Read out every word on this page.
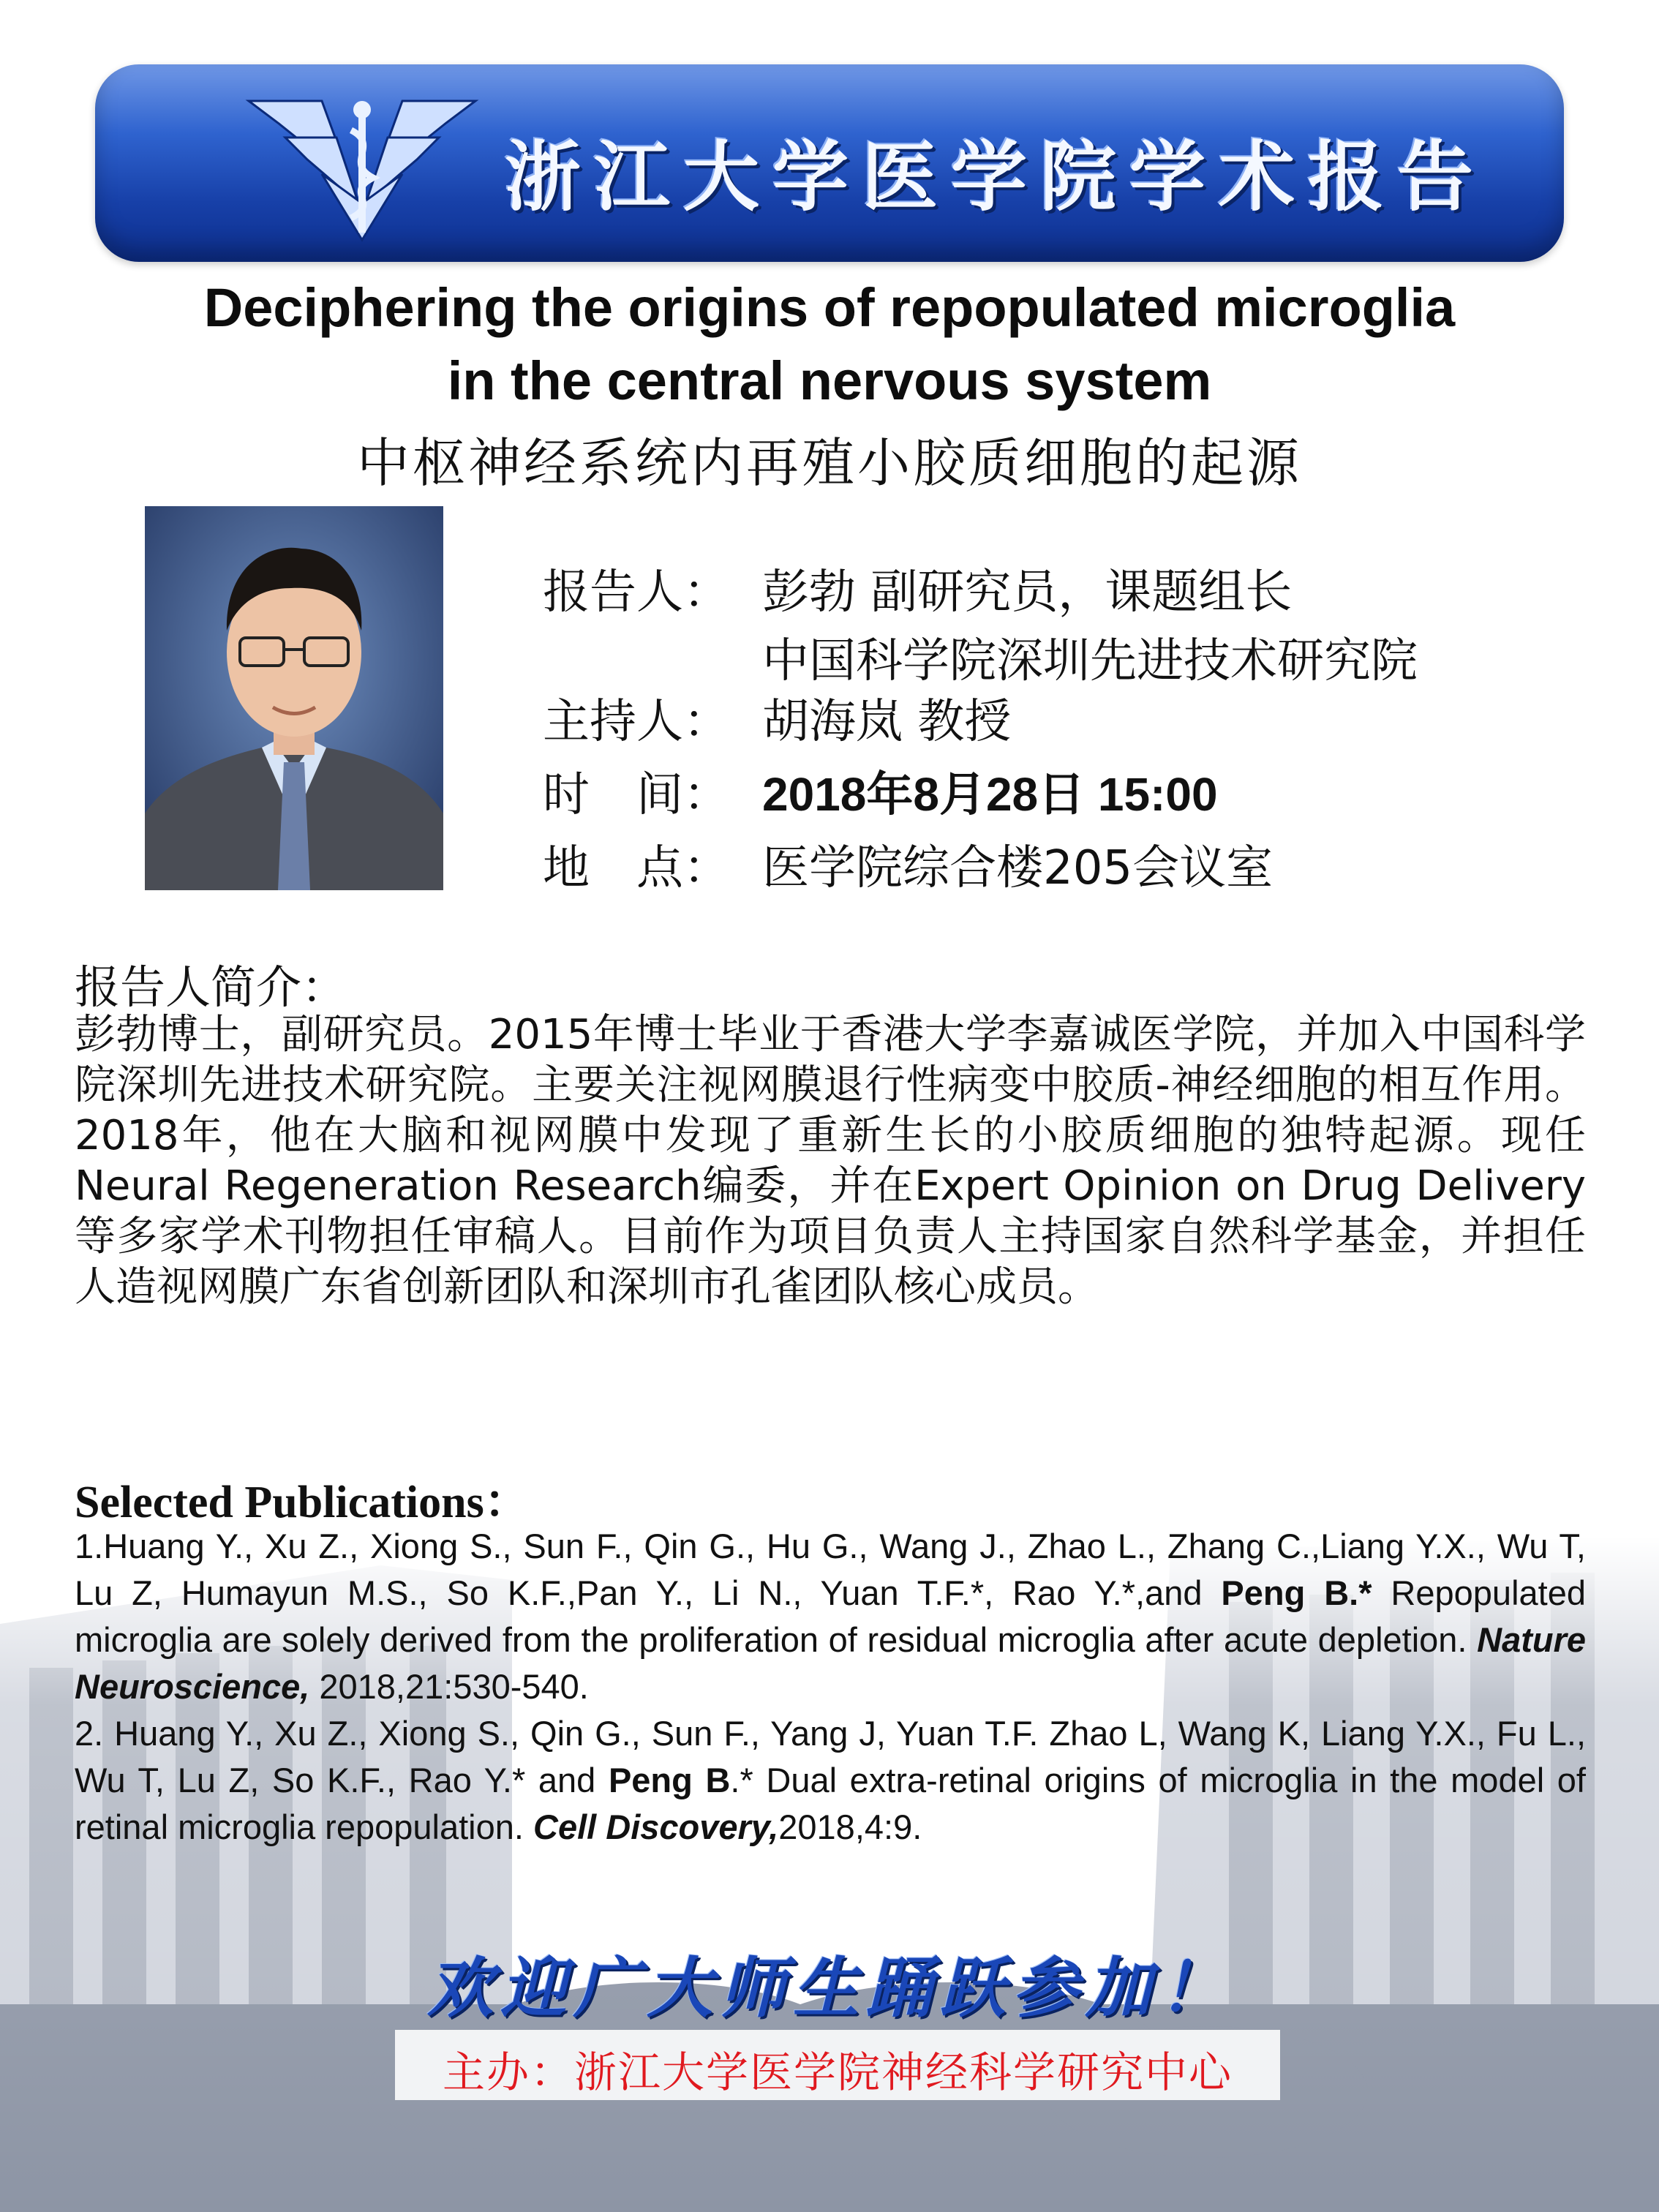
浙江大学医学院学术报告
Deciphering the origins of repopulated microglia
in the central nervous system
中枢神经系统内再殖小胶质细胞的起源
报告人： 彭勃 副研究员，课题组长
中国科学院深圳先进技术研究院
主持人： 胡海岚 教授
时　间： 2018年8月28日 15:00
地　点： 医学院综合楼205会议室
报告人简介：
彭勃博士，副研究员。2015年博士毕业于香港大学李嘉诚医学院，并加入中国科学院深圳先进技术研究院。主要关注视网膜退行性病变中胶质-神经细胞的相互作用。2018年，他在大脑和视网膜中发现了重新生长的小胶质细胞的独特起源。现任Neural Regeneration Research编委，并在Expert Opinion on Drug Delivery等多家学术刊物担任审稿人。目前作为项目负责人主持国家自然科学基金，并担任人造视网膜广东省创新团队和深圳市孔雀团队核心成员。
Selected Publications：
1.Huang Y., Xu Z., Xiong S., Sun F., Qin G., Hu G., Wang J., Zhao L., Zhang C.,Liang Y.X., Wu T, Lu Z, Humayun M.S., So K.F.,Pan Y., Li N., Yuan T.F.*, Rao Y.*,and Peng B.* Repopulated microglia are solely derived from the proliferation of residual microglia after acute depletion. Nature Neuroscience, 2018,21:530-540.
2. Huang Y., Xu Z., Xiong S., Qin G., Sun F., Yang J, Yuan T.F. Zhao L, Wang K, Liang Y.X., Fu L., Wu T, Lu Z, So K.F., Rao Y.* and Peng B.* Dual extra-retinal origins of microglia in the model of retinal microglia repopulation. Cell Discovery,2018,4:9.
欢迎广大师生踊跃参加！
主办：浙江大学医学院神经科学研究中心
